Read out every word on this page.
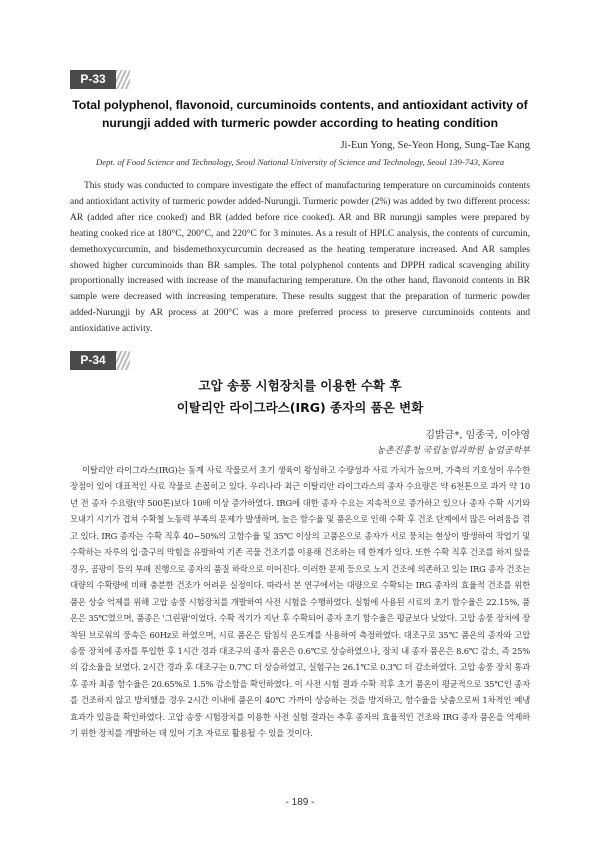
P-33
Total polyphenol, flavonoid, curcuminoids contents, and antioxidant activity of nurungji added with turmeric powder according to heating condition
Ji-Eun Yong, Se-Yeon Hong, Sung-Tae Kang
Dept. of Food Science and Technology, Seoul National University of Science and Technology, Seoul 139-743, Korea

This study was conducted to compare investigate the effect of manufacturing temperature on curcuminoids contents and antioxidant activity of turmeric powder added-Nurungji. Turmeric powder (2%) was added by two different process: AR (added after rice cooked) and BR (added before rice cooked). AR and BR nurungji samples were prepared by heating cooked rice at 180°C, 200°C, and 220°C for 3 minutes. As a result of HPLC analysis, the contents of curcumin, demethoxycurcumin, and bisdemethoxycurcumin decreased as the heating temperature increased. And AR samples showed higher curcuminoids than BR samples. The total polyphenol contents and DPPH radical scavenging ability proportionally increased with increase of the manufacturing temperature. On the other hand, flavonoid contents in BR sample were decreased with increasing temperature. These results suggest that the preparation of turmeric powder added-Nurungji by AR process at 200°C was a more preferred process to preserve curcuminoids contents and antioxidative activity.

P-34
고압 송풍 시험장치를 이용한 수확 후
이탈리안 라이그라스(IRG) 종자의 품온 변화
김밝금*, 임종국, 이야영
농촌진흥청 국립농업과학원 농업공학부

이탈리안 라이그라스(IRG)는 동계 사료 작물로서 초기 생육이 왕성하고 수량성과 사료 가치가 높으며, 가축의 기호성이 우수한 장점이 있어 대표적인 사료 작물로 손꼽히고 있다. 우리나라 최근 이탈리안 라이그라스의 종자 수요량은 약 6천톤으로 과거 약 10년 전 종자 수요량(약 500톤)보다 10배 이상 증가하였다. IRG에 대한 종자 수요는 지속적으로 증가하고 있으나 종자 수확 시기와 모내기 시기가 겹쳐 수확철 노동력 부족의 문제가 발생하며, 높은 함수율 및 품온으로 인해 수확 후 건조 단계에서 많은 어려움을 겪고 있다. IRG 종자는 수확 직후 40~50%의 고함수율 및 35℃ 이상의 고품온으로 종자가 서로 뭉치는 현상이 발생하여 작업기 및 수확하는 자루의 입·출구의 막힘을 유발하여 기존 곡물 건조기를 이용해 건조하는 데 한계가 있다. 또한 수확 직후 건조를 하지 않을 경우, 곰팡이 등의 부패 진행으로 종자의 품질 하락으로 이어진다. 이러한 문제 등으로 노지 건조에 의존하고 있는 IRG 종자 건조는 대량의 수확량에 비해 충분한 건조가 어려운 실정이다. 따라서 본 연구에서는 대량으로 수확되는 IRG 종자의 효율적 건조를 위한 품온 상승 억제를 위해 고압 송풍 시험장치를 개발하여 사전 시험을 수행하였다. 실험에 사용된 시료의 초기 함수율은 22.15%, 품온은 35℃였으며, 품종은 '그린팜'이었다. 수확 적기가 지난 후 수확되어 종자 초기 함수율은 평균보다 낮았다. 고압 송풍 장치에 장착된 브로워의 풍속은 60Hz로 하였으며, 시료 품온은 탐침식 온도계를 사용하여 측정하였다. 대조구로 35℃ 품온의 종자와 고압 송풍 장치에 종자를 투입한 후 1시간 경과 대조구의 종자 품온은 0.6℃로 상승하였으나, 장치 내 종자 품온은 8.6℃ 감소, 즉 25%의 감소율을 보였다. 2시간 경과 후 대조구는 0.7℃ 더 상승하였고, 실험구는 26.1℃로 0.3℃ 더 감소하였다. 고압 송풍 장치 통과 후 종자 최종 함수율은 20.65%로 1.5% 감소함을 확인하였다. 이 사전 시험 결과 수확 직후 초기 품온이 평균적으로 35℃인 종자를 건조하지 않고 방치했을 경우 2시간 이내에 품온이 40℃ 가까이 상승하는 것을 방지하고, 함수율을 낮춤으로써 1차적인 예냉 효과가 있음을 확인하였다. 고압 송풍 시험장치를 이용한 사전 실험 결과는 추후 종자의 효율적인 건조와 IRG 종자 품온을 억제하기 위한 장치를 개발하는 데 있어 기초 자료로 활용될 수 있을 것이다.

- 189 -
